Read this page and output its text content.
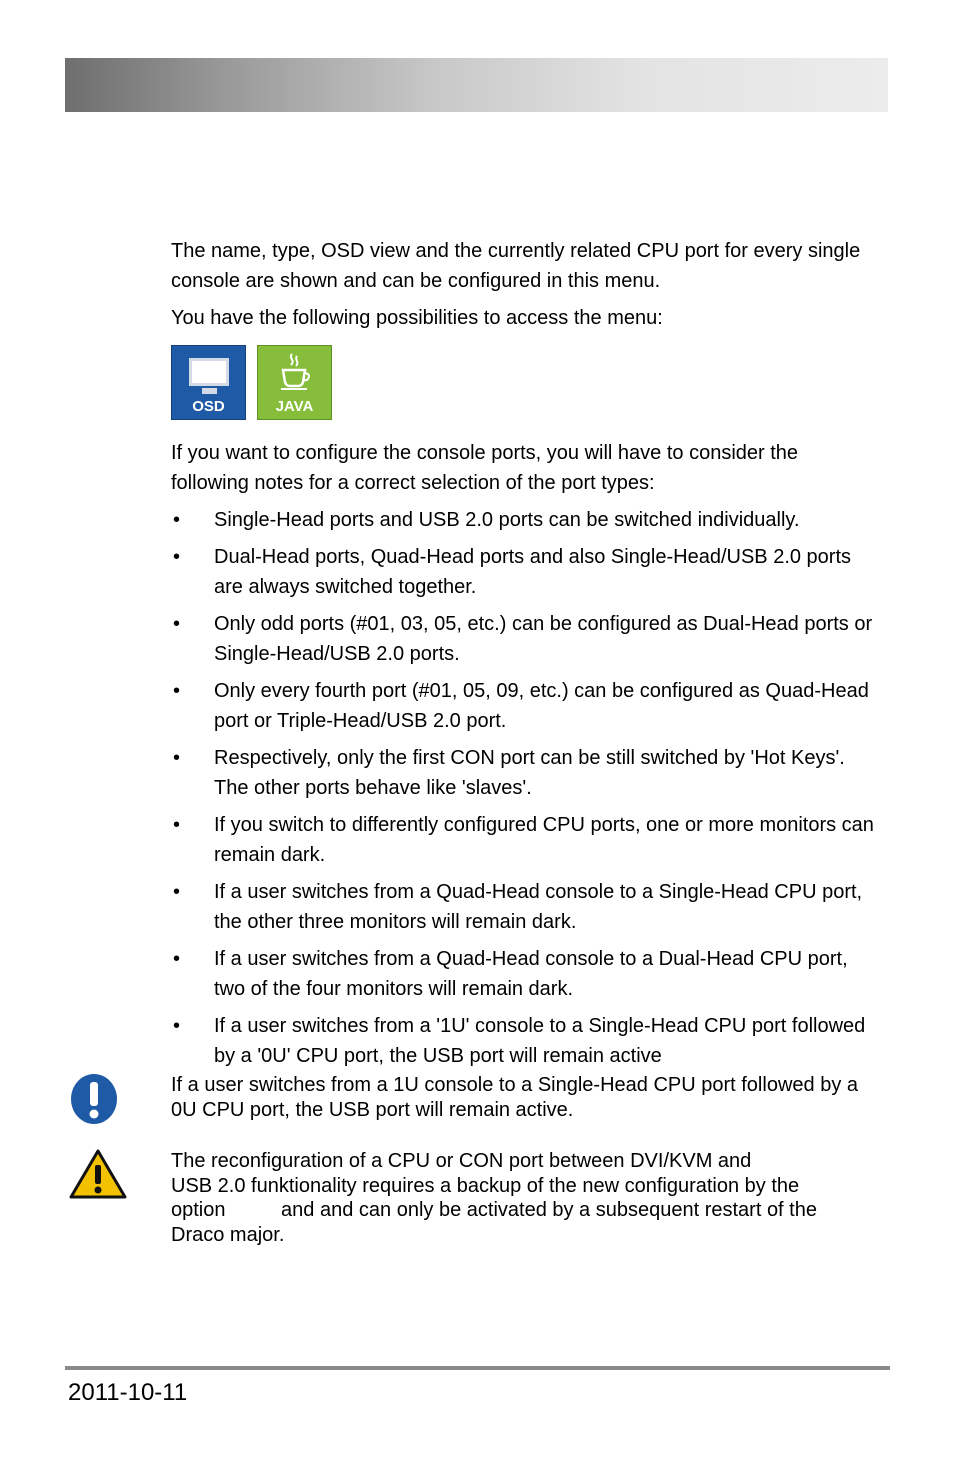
The name, type, OSD view and the currently related CPU port for every single console are shown and can be configured in this menu.

You have the following possibilities to access the menu:

OSD	JAVA

If you want to configure the console ports, you will have to consider the following notes for a correct selection of the port types:

• Single-Head ports and USB 2.0 ports can be switched individually.
• Dual-Head ports, Quad-Head ports and also Single-Head/USB 2.0 ports are always switched together.
• Only odd ports (#01, 03, 05, etc.) can be configured as Dual-Head ports or Single-Head/USB 2.0 ports.
• Only every fourth port (#01, 05, 09, etc.) can be configured as Quad-Head port or Triple-Head/USB 2.0 port.
• Respectively, only the first CON port can be still switched by 'Hot Keys'. The other ports behave like 'slaves'.
• If you switch to differently configured CPU ports, one or more monitors can remain dark.
• If a user switches from a Quad-Head console to a Single-Head CPU port, the other three monitors will remain dark.
• If a user switches from a Quad-Head console to a Dual-Head CPU port, two of the four monitors will remain dark.
• If a user switches from a '1U' console to a Single-Head CPU port followed by a '0U' CPU port, the USB port will remain active
If a user switches from a 1U console to a Single-Head CPU port followed by a 0U CPU port, the USB port will remain active.
The reconfiguration of a CPU or CON port between DVI/KVM and
USB 2.0 funktionality requires a backup of the new configuration by the
option          and and can only be activated by a subsequent restart of the
Draco major.
2011-10-11
